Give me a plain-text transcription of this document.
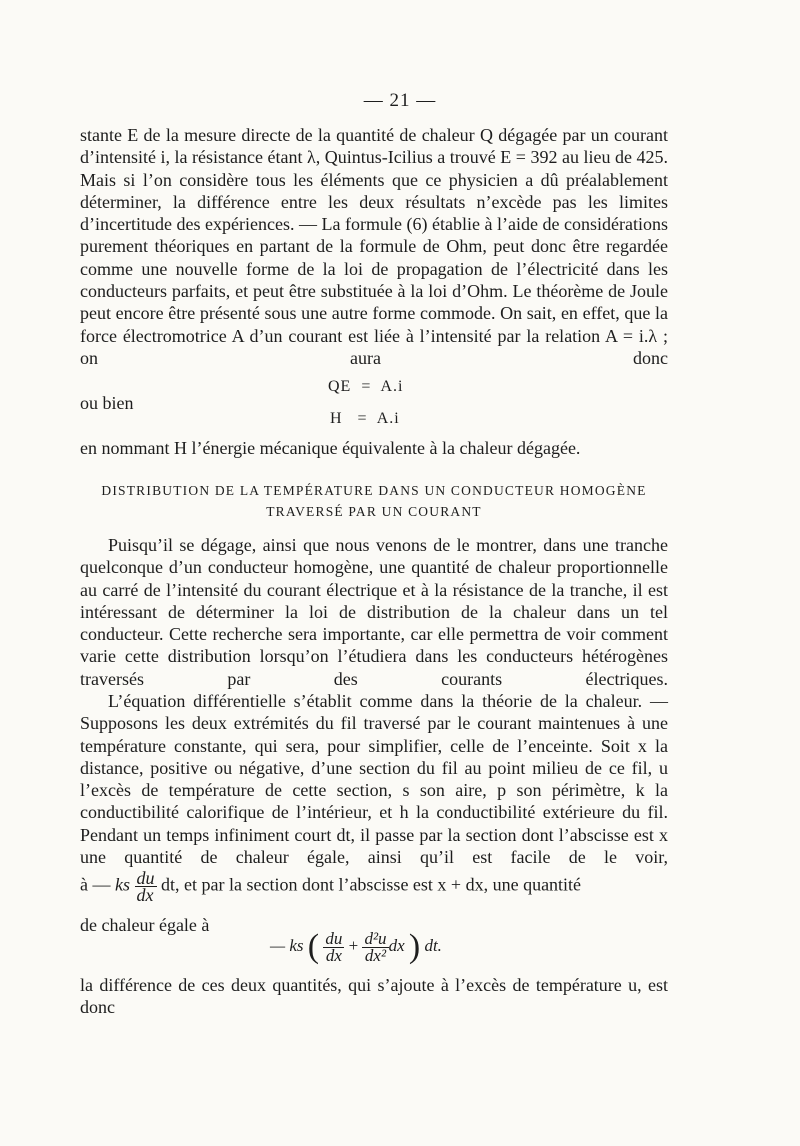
— 21 —
stante E de la mesure directe de la quantité de chaleur Q dégagée par un courant d’intensité i, la résistance étant λ, Quintus-Icilius a trouvé E = 392 au lieu de 425. Mais si l’on considère tous les éléments que ce physicien a dû préalablement déterminer, la différence entre les deux résultats n’excède pas les limites d’incertitude des expériences. — La formule (6) établie à l’aide de considérations purement théoriques en partant de la formule de Ohm, peut donc être regardée comme une nouvelle forme de la loi de propagation de l’électricité dans les conducteurs parfaits, et peut être substituée à la loi d’Ohm. Le théorème de Joule peut encore être présenté sous une autre forme commode. On sait, en effet, que la force électromotrice A d’un courant est liée à l’intensité par la relation A = i.λ ; on aura donc
QE  =  A.i
ou bien
H   =  A.i
en nommant H l’énergie mécanique équivalente à la chaleur dégagée.
DISTRIBUTION DE LA TEMPÉRATURE DANS UN CONDUCTEUR HOMOGÈNE
TRAVERSÉ PAR UN COURANT
Puisqu’il se dégage, ainsi que nous venons de le montrer, dans une tranche quelconque d’un conducteur homogène, une quantité de chaleur proportionnelle au carré de l’intensité du courant électrique et à la résistance de la tranche, il est intéressant de déterminer la loi de distribution de la chaleur dans un tel conducteur. Cette recherche sera importante, car elle permettra de voir comment varie cette distribution lorsqu’on l’étudiera dans les conducteurs hétérogènes traversés par des courants électriques.
L’équation différentielle s’établit comme dans la théorie de la chaleur. — Supposons les deux extrémités du fil traversé par le courant maintenues à une température constante, qui sera, pour simplifier, celle de l’enceinte. Soit x la distance, positive ou négative, d’une section du fil au point milieu de ce fil, u l’excès de température de cette section, s son aire, p son périmètre, k la conductibilité calorifique de l’intérieur, et h la conductibilité extérieure du fil. Pendant un temps infiniment court dt, il passe par la section dont l’abscisse est x une quantité de chaleur égale, ainsi qu’il est facile de le voir,
à — ks $\frac{du}{dx}$ dt, et par la section dont l’abscisse est x + dx, une quantité
de chaleur égale à
— ks ( $\frac{du}{dx} + \frac{\text{d²u}}{\text{dx²}}$ dx ) dt.
la différence de ces deux quantités, qui s’ajoute à l’excès de température u, est donc
